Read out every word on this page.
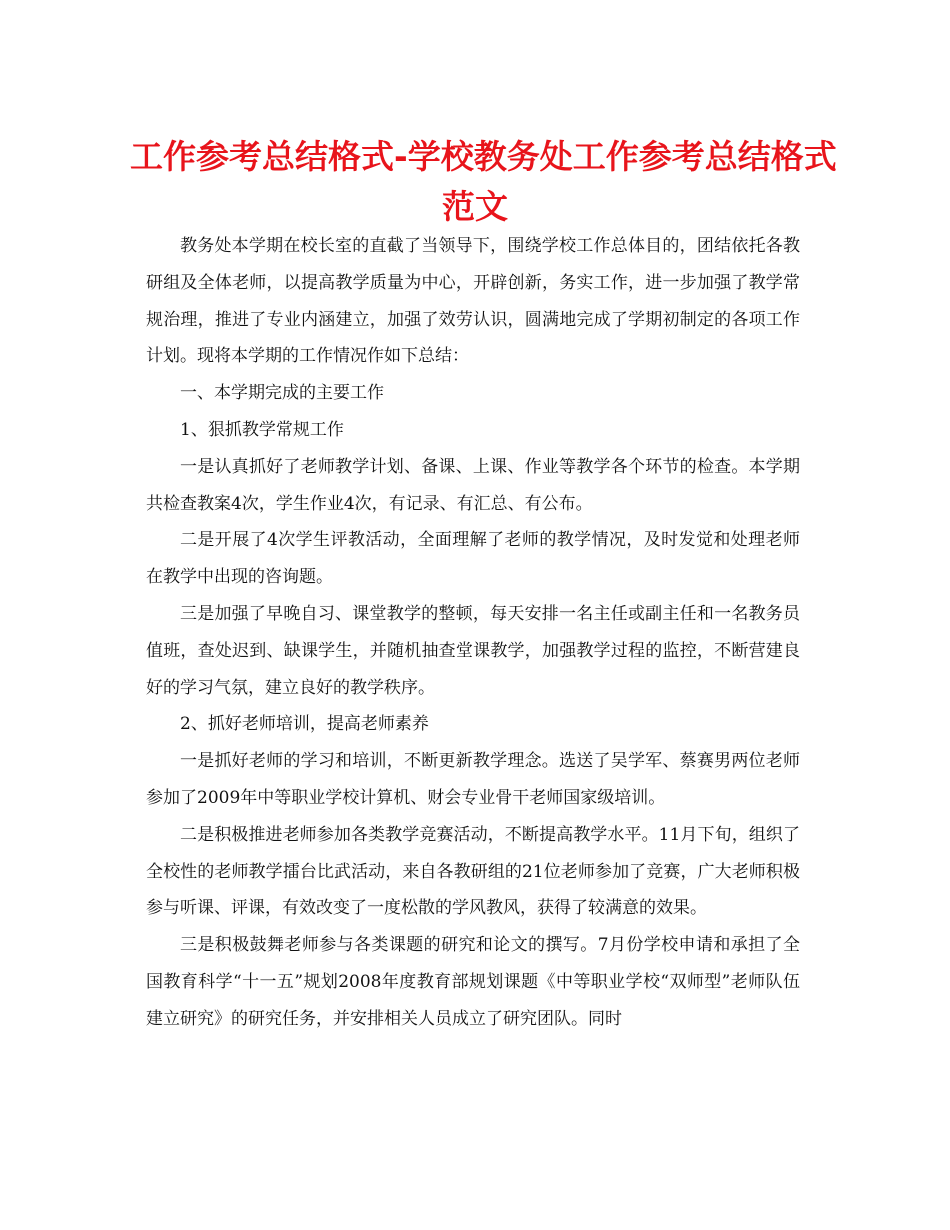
工作参考总结格式-学校教务处工作参考总结格式
范文

教务处本学期在校长室的直截了当领导下，围绕学校工作总体目的，团结依托各教研组及全体老师，以提高教学质量为中心，开辟创新，务实工作，进一步加强了教学常规治理，推进了专业内涵建立，加强了效劳认识，圆满地完成了学期初制定的各项工作计划。现将本学期的工作情况作如下总结：

一、本学期完成的主要工作

1、狠抓教学常规工作

一是认真抓好了老师教学计划、备课、上课、作业等教学各个环节的检查。本学期共检查教案4次，学生作业4次，有记录、有汇总、有公布。

二是开展了4次学生评教活动，全面理解了老师的教学情况，及时发觉和处理老师在教学中出现的咨询题。

三是加强了早晚自习、课堂教学的整顿，每天安排一名主任或副主任和一名教务员值班，查处迟到、缺课学生，并随机抽查堂课教学，加强教学过程的监控，不断营建良好的学习气氛，建立良好的教学秩序。

2、抓好老师培训，提高老师素养

一是抓好老师的学习和培训，不断更新教学理念。选送了吴学军、蔡赛男两位老师参加了2009年中等职业学校计算机、财会专业骨干老师国家级培训。

二是积极推进老师参加各类教学竞赛活动，不断提高教学水平。11月下旬，组织了全校性的老师教学擂台比武活动，来自各教研组的21位老师参加了竞赛，广大老师积极参与听课、评课，有效改变了一度松散的学风教风，获得了较满意的效果。

三是积极鼓舞老师参与各类课题的研究和论文的撰写。7月份学校申请和承担了全国教育科学“十一五”规划2008年度教育部规划课题《中等职业学校“双师型”老师队伍建立研究》的研究任务，并安排相关人员成立了研究团队。同时
